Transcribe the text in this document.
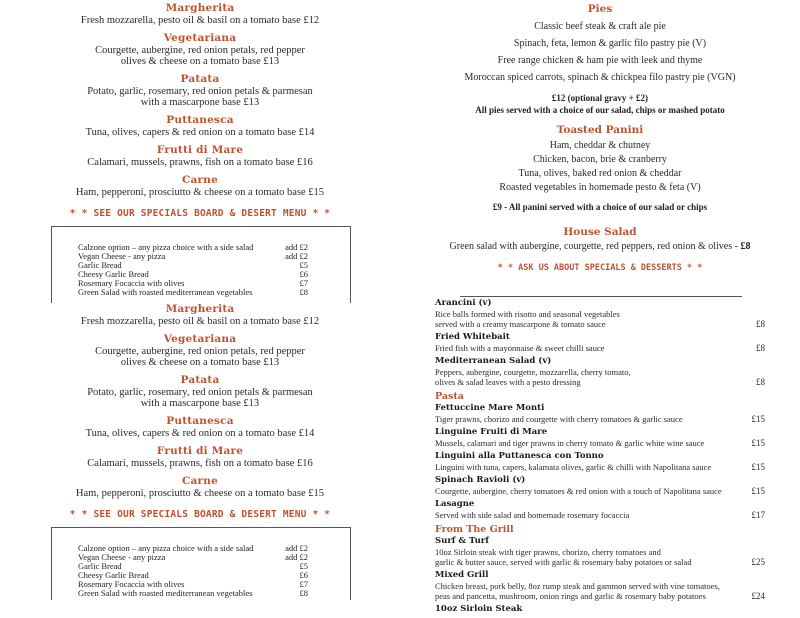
Margherita
Fresh mozzarella, pesto oil & basil on a tomato base £12
Vegetariana
Courgette, aubergine, red onion petals, red pepper
olives & cheese on a tomato base £13
Patata
Potato, garlic, rosemary, red onion petals & parmesan
with a mascarpone base £13
Puttanesca
Tuna, olives, capers & red onion on a tomato base £14
Frutti di Mare
Calamari, mussels, prawns, fish on a tomato base £16
Carne
Ham, pepperoni, prosciutto & cheese on a tomato base £15
* * SEE OUR SPECIALS BOARD & DESERT MENU * *
Calzone option – any pizza choice with a side salad	add £2
Vegan Cheese - any pizza	add £2
Garlic Bread	£5
Cheesy Garlic Bread	£6
Rosemary Focaccia with olives	£7
Green Salad with roasted mediterranean vegetables	£8
Margherita
Fresh mozzarella, pesto oil & basil on a tomato base £12
Vegetariana
Courgette, aubergine, red onion petals, red pepper
olives & cheese on a tomato base £13
Patata
Potato, garlic, rosemary, red onion petals & parmesan
with a mascarpone base £13
Puttanesca
Tuna, olives, capers & red onion on a tomato base £14
Frutti di Mare
Calamari, mussels, prawns, fish on a tomato base £16
Carne
Ham, pepperoni, prosciutto & cheese on a tomato base £15
* * SEE OUR SPECIALS BOARD & DESERT MENU * *
Calzone option – any pizza choice with a side salad	add £2
Vegan Cheese - any pizza	add £2
Garlic Bread	£5
Cheesy Garlic Bread	£6
Rosemary Focaccia with olives	£7
Green Salad with roasted mediterranean vegetables	£8
Pies
Classic beef steak & craft ale pie
Spinach, feta, lemon & garlic filo pastry pie (V)
Free range chicken & ham pie with leek and thyme
Moroccan spiced carrots, spinach & chickpea filo pastry pie (VGN)
£12 (optional gravy + £2)
All pies served with a choice of our salad, chips or mashed potato
Toasted Panini
Ham, cheddar & chutney
Chicken, bacon, brie & cranberry
Tuna, olives, baked red onion & cheddar
Roasted vegetables in homemade pesto & feta (V)
£9 - All panini served with a choice of our salad or chips
House Salad
Green salad with aubergine, courgette, red peppers, red onion & olives - £8
* * ASK US ABOUT SPECIALS & DESSERTS * *
Arancini (v)
Rice balls formed with risotto and seasonal vegetables
served with a creamy mascarpone & tomato sauce	£8
Fried Whitebait
Fried fish with a mayonnaise & sweet chilli sauce	£8
Mediterranean Salad (v)
Peppers, aubergine, courgette, mozzarella, cherry tomato,
olives & salad leaves with a pesto dressing	£8
Pasta
Fettuccine Mare Monti
Tiger prawns, chorizo and courgette with cherry tomatoes & garlic sauce	£15
Linguine Fruiti di Mare
Mussels, calamari and tiger prawns in cherry tomato & garlic white wine sauce	£15
Linguini alla Puttanesca con Tonno
Linguini with tuna, capers, kalamata olives, garlic & chilli with Napolitana sauce	£15
Spinach Ravioli (v)
Courgette, aubergine, cherry tomatoes & red onion with a touch of Napolitana sauce	£15
Lasagne
Served with side salad and homemade rosemary focaccia	£17
From The Grill
Surf & Turf
10oz Sirloin steak with tiger prawns, chorizo, cherry tomatoes and
garlic & butter sauce, served with garlic & rosemary baby potatoes or salad	£25
Mixed Grill
Chicken breast, pork belly, 8oz rump steak and gammon served with vine tomatoes,
peas and pancetta, mushroom, onion rings and garlic & rosemary baby potatoes	£24
10oz Sirloin Steak
